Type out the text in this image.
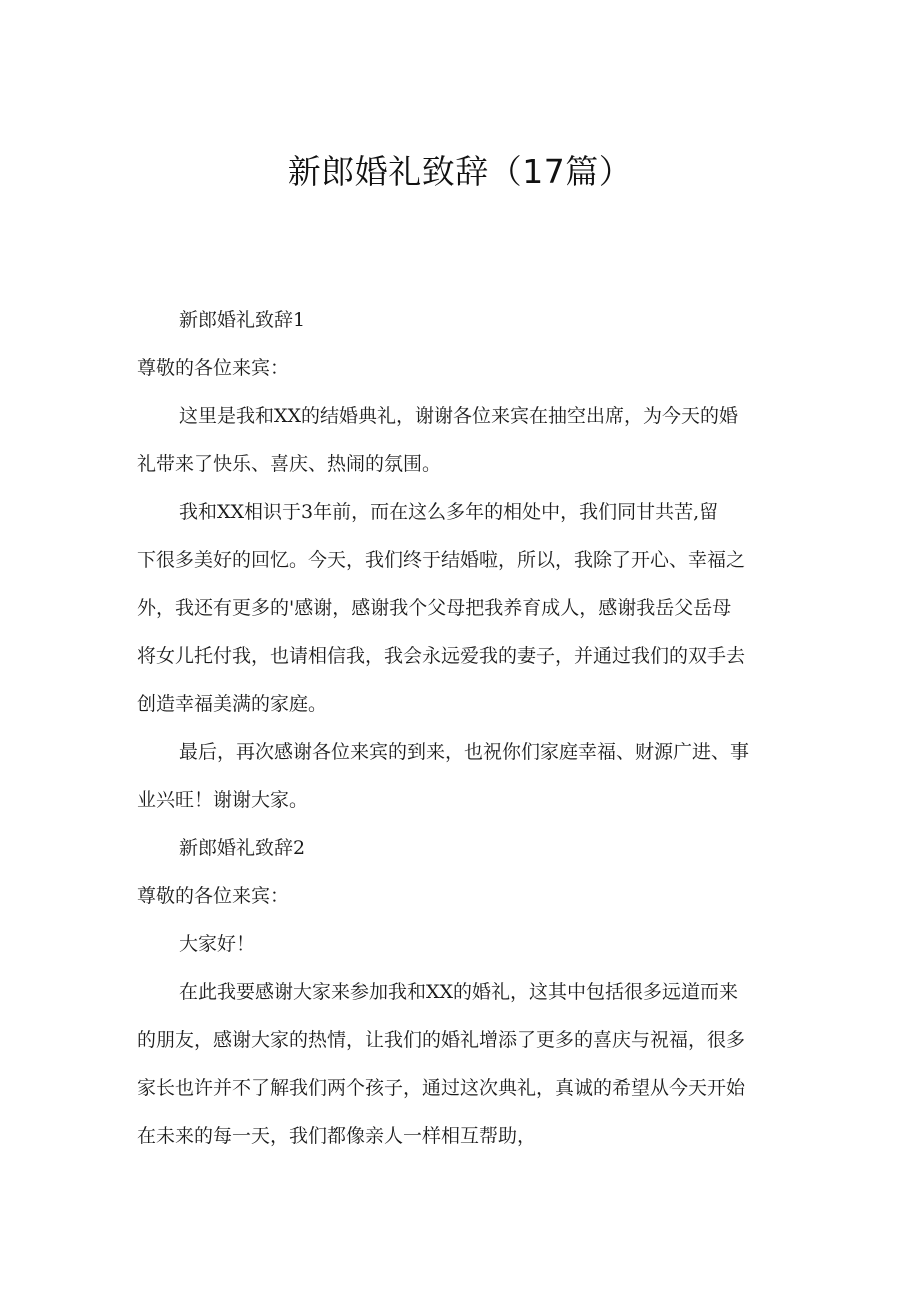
新郎婚礼致辞（17篇）
新郎婚礼致辞1
尊敬的各位来宾：
这里是我和XX的结婚典礼，谢谢各位来宾在抽空出席，为今天的婚
礼带来了快乐、喜庆、热闹的氛围。
我和XX相识于3年前，而在这么多年的相处中，我们同甘共苦,留
下很多美好的回忆。今天，我们终于结婚啦，所以，我除了开心、幸福之
外，我还有更多的'感谢，感谢我个父母把我养育成人，感谢我岳父岳母
将女儿托付我，也请相信我，我会永远爱我的妻子，并通过我们的双手去
创造幸福美满的家庭。
最后，再次感谢各位来宾的到来，也祝你们家庭幸福、财源广进、事
业兴旺！谢谢大家。
新郎婚礼致辞2
尊敬的各位来宾：
大家好！
在此我要感谢大家来参加我和XX的婚礼，这其中包括很多远道而来
的朋友，感谢大家的热情，让我们的婚礼增添了更多的喜庆与祝福，很多
家长也许并不了解我们两个孩子，通过这次典礼，真诚的希望从今天开始
在未来的每一天，我们都像亲人一样相互帮助，
